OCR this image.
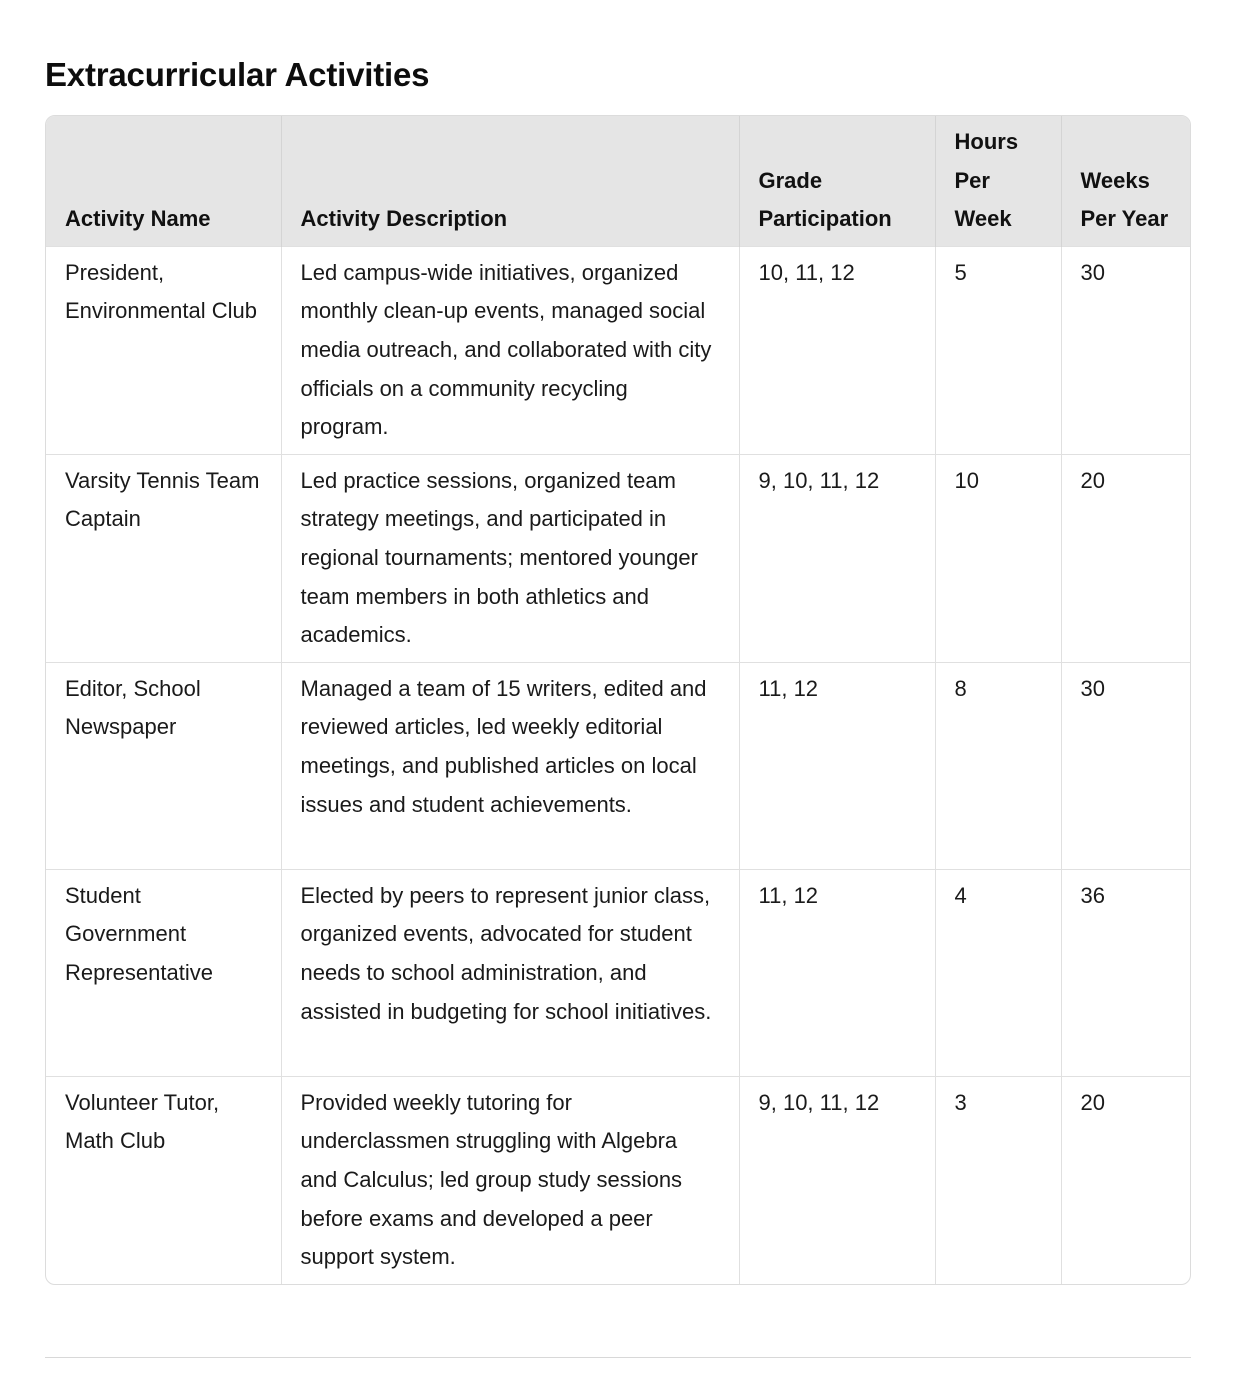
Extracurricular Activities
Activity Name	Activity Description	Grade Participation	Hours Per Week	Weeks Per Year
President, Environmental Club	Led campus-wide initiatives, organized monthly clean-up events, managed social media outreach, and collaborated with city officials on a community recycling program.	10, 11, 12	5	30
Varsity Tennis Team Captain	Led practice sessions, organized team strategy meetings, and participated in regional tournaments; mentored younger team members in both athletics and academics.	9, 10, 11, 12	10	20
Editor, School Newspaper	Managed a team of 15 writers, edited and reviewed articles, led weekly editorial meetings, and published articles on local issues and student achievements.	11, 12	8	30
Student Government Representative	Elected by peers to represent junior class, organized events, advocated for student needs to school administration, and assisted in budgeting for school initiatives.	11, 12	4	36
Volunteer Tutor, Math Club	Provided weekly tutoring for underclassmen struggling with Algebra and Calculus; led group study sessions before exams and developed a peer support system.	9, 10, 11, 12	3	20
